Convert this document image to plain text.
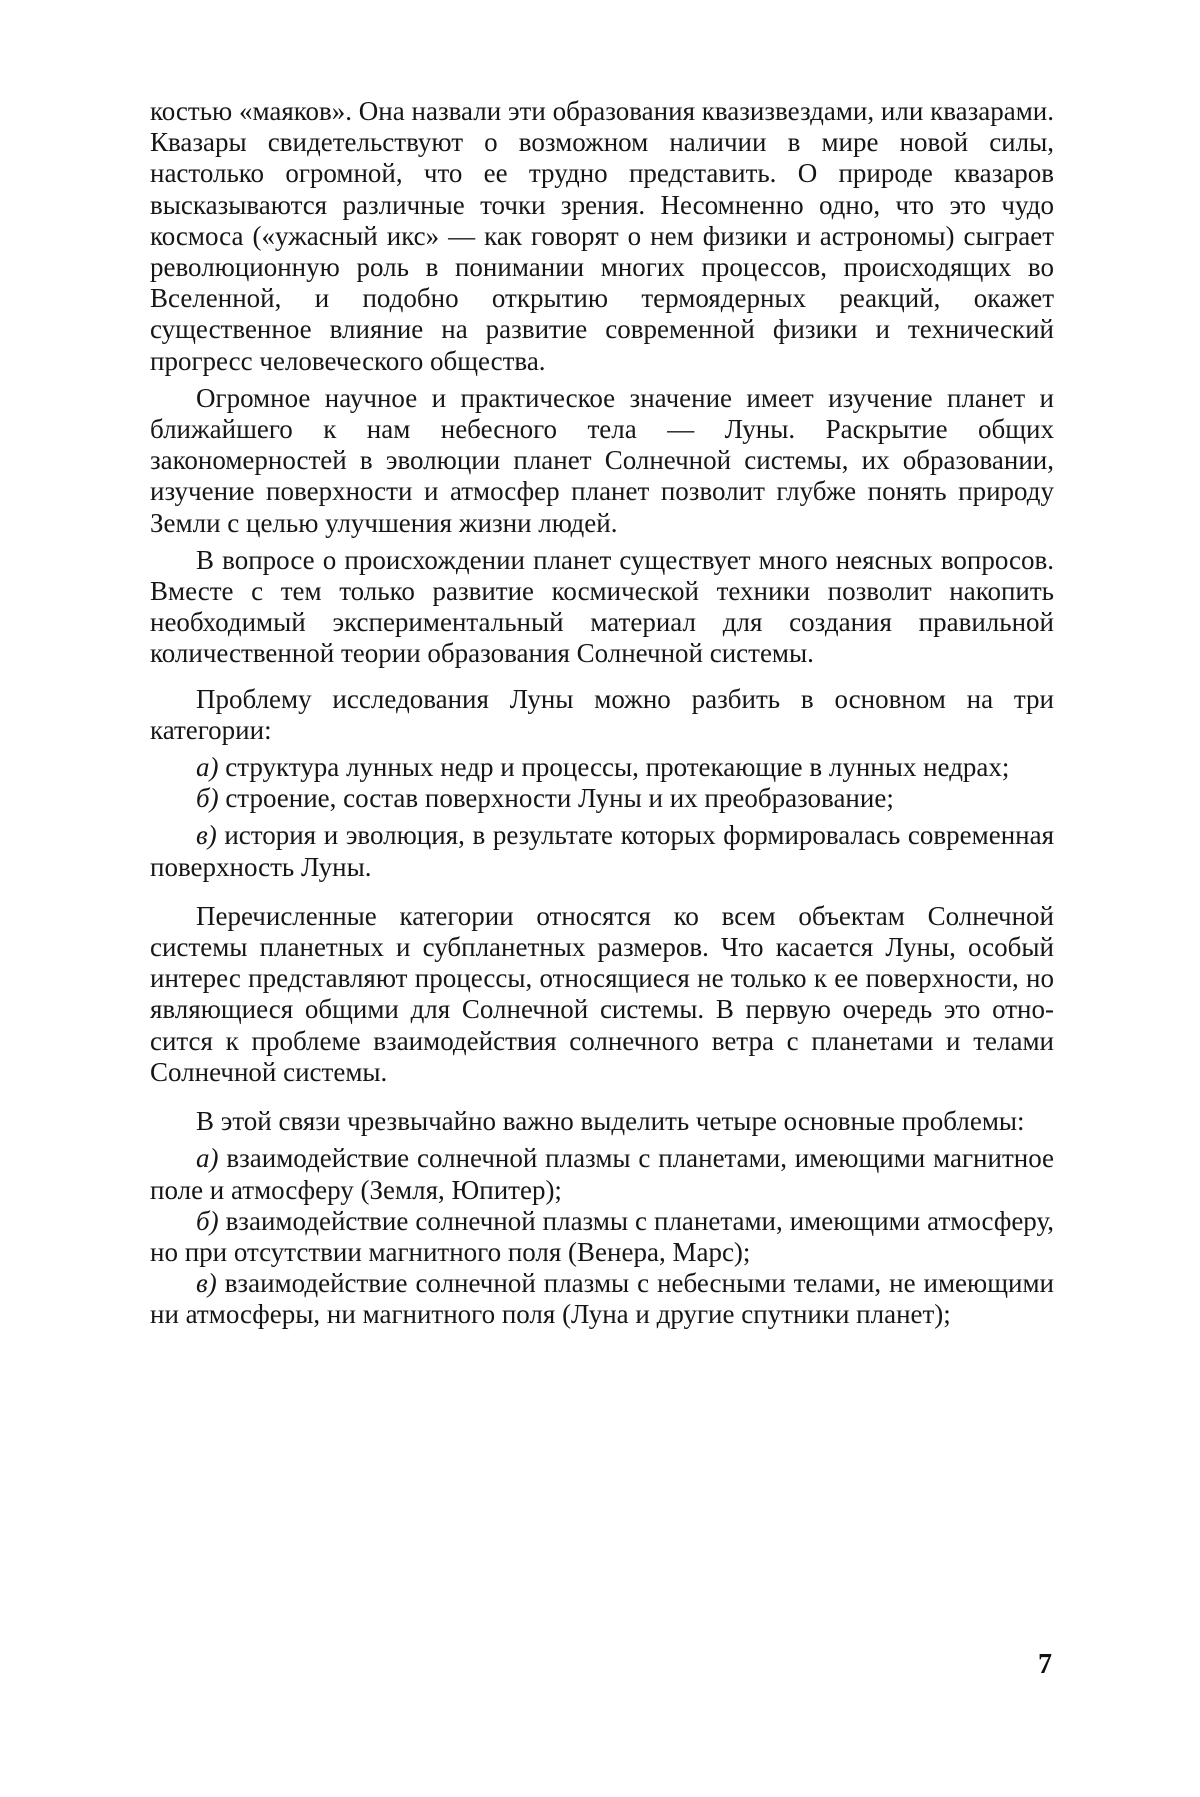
костью «маяков». Она назвали эти образования квазизвездами, или квазарами. Квазары свидетельствуют о возможном наличии в мире новой силы, настолько огромной, что ее трудно представить. О природе квазаров высказываются различные точки зрения. Несомненно одно, что это чудо космоса («ужасный икс» — как говорят о нем физики и астрономы) сыграет революционную роль в понимании многих процессов, происходящих во Вселенной, и подобно открытию термоядерных реакций, окажет существенное влияние на развитие современной физики и технический прогресс человеческого общества.

Огромное научное и практическое значение имеет изучение планет и ближайшего к нам небесного тела — Луны. Раскрытие общих закономерностей в эволюции планет Солнечной системы, их образовании, изучение поверхности и атмосфер планет позволит глубже понять природу Земли с целью улучшения жизни людей.

В вопросе о происхождении планет существует много неясных вопросов. Вместе с тем только развитие космической техники позволит накопить необходимый экспериментальный материал для создания правильной количественной теории образования Солнечной системы.

Проблему исследования Луны можно разбить в основном на три категории:

а) структура лунных недр и процессы, протекающие в лунных недрах;

б) строение, состав поверхности Луны и их преобразование;

в) история и эволюция, в результате которых формировалась современная поверхность Луны.

Перечисленные категории относятся ко всем объектам Солнечной системы планетных и субпланетных размеров. Что касается Луны, особый интерес представляют процессы, относящиеся не только к ее поверхности, но являющиеся общими для Солнечной системы. В первую очередь это относится к проблеме взаимодействия солнечного ветра с планетами и телами Солнечной системы.

В этой связи чрезвычайно важно выделить четыре основные проблемы:

а) взаимодействие солнечной плазмы с планетами, имеющими магнитное поле и атмосферу (Земля, Юпитер);

б) взаимодействие солнечной плазмы с планетами, имеющими атмосферу, но при отсутствии магнитного поля (Венера, Марс);

в) взаимодействие солнечной плазмы с небесными телами, не имеющими ни атмосферы, ни магнитного поля (Луна и другие спутники планет);

7
